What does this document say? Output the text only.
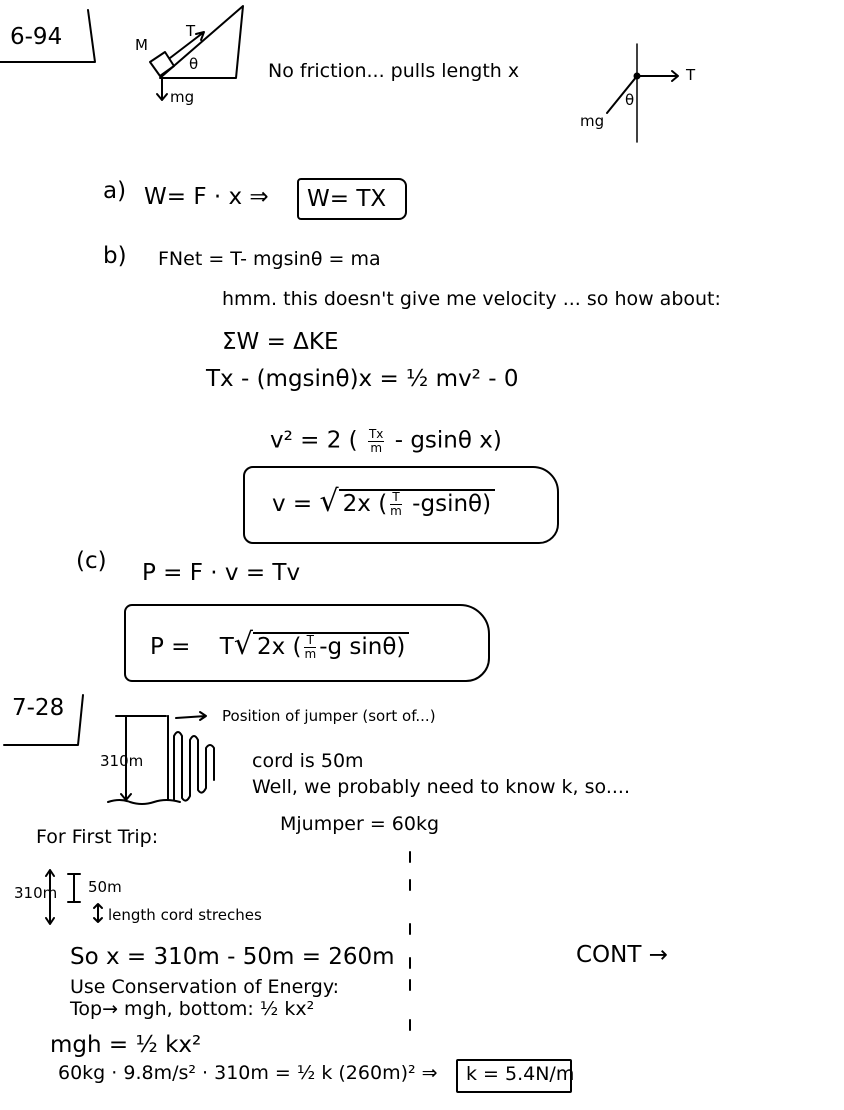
6-94	M
T
θ
mg
No friction... pulls length x	T
θ
mg
a) W= F · x ⇒ W= TX
b) FNet = T- mgsinθ = ma
hmm. this doesn't give me velocity ... so how about:
ΣW = ΔKE
Tx - (mgsinθ)x = ½ mv² - 0
v² = 2 ( $\frac{Tx}{m}$ - gsinθ x)
v = √ 2x ( $\frac{T}{m} -gsin\theta$)
(c) P = F · v = Tv
P = T√ 2x ( $\frac{T}{m} -g$ sinθ)
7-28
310m
Position of jumper (sort of...)
cord is 50m
Well, we probably need to know k, so....
Mjumper = 60kg
For First Trip:
310m 50m
length cord streches
So x = 310m - 50m = 260m
Use Conservation of Energy:
Top→ mgh, bottom: ½ kx²
mgh = ½ kx²
60kg · 9.8m/s² · 310m = ½ k (260m)² ⇒ k = 5.4N/m
CONT →
